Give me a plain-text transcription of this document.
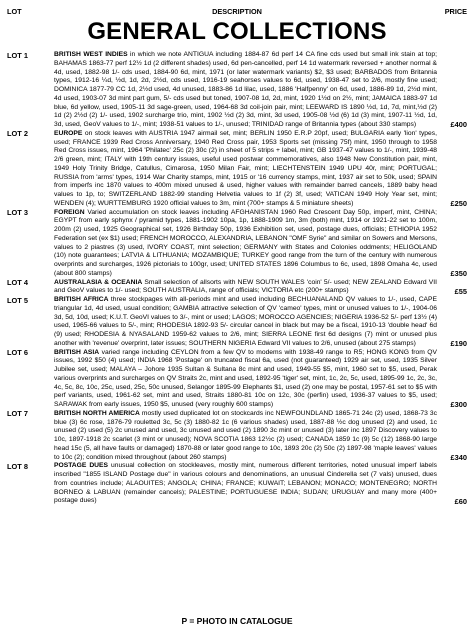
LOT	DESCRIPTION	PRICE
GENERAL COLLECTIONS
LOT 1	BRITISH WEST INDIES in which we note ANTIGUA including 1884-87 6d perf 14 CA fine cds used but small ink stain at top; BAHAMAS 1863-77 perf 12½ 1d (2 different shades) used, 6d pen-cancelled, perf 14 1d watermark reversed + another normal & 4d, used, 1882-98 1/- cds used, 1884-90 6d, mint, 1971 (or later watermark variants) $2, $3 used; BARBADOS from Britannia types, 1912-16 ¼d, ½d, 1d, 2d, 2½d, cds used, 1916-19 seahorses values to 6d, used, 1938-47 set to 2/6, mostly fine used; DOMINICA 1877-79 CC 1d, 2½d used, 4d unused, 1883-86 1d lilac, used, 1886 'Halfpenny' on 6d, used, 1886-89 1d, 2½d mint, 4d used, 1903-07 3d mint part gum, 5/- cds used but toned, 1907-08 1d, 2d, mint, 1920 1½d on 2½, mint; JAMAICA 1883-97 1d blue, 6d yellow, used, 1905-11 3d sage-green, used, 1964-68 3d coil-join pair, mint; LEEWARD IS 1890 ½d, 1d, 7d, mint,½d (2) 1d (2) 2½d (2) 1/- used, 1902 surcharge trio, mint, 1902 ½d (2) 3d, mint, 3d used, 1905-08 ½d (6) 1d (3) mint, 1907-11 ½d, 1d, 3d, used, GeoV values to 1/-, mint; 1938-51 values to 1/-, unused; TRINIDAD range of Britannia types (about 330 stamps)	£400
LOT 2	EUROPE on stock leaves with AUSTRIA 1947 airmail set, mint; BERLIN 1950 E.R.P 20pf, used; BULGARIA early 'lion' types, used; FRANCE 1939 Red Cross Anniversary, 1940 Red Cross pair, 1953 Sports set (missing 75f) mint, 1950 through to 1958 Red Cross issues, mint, 1964 'Philatec' 25c (2) 30c (2) in sheet of 5 strips + label, mint; GB 1937-47 values to 1/-, mint, 1939-48 2/6 green, mint; ITALY with 19th century issues, useful used postwar commemoratives, also 1948 New Constitution pair, mint, 1949 Holy Trinity Bridge, Catullus, Cimarosa, 1950 Milan Fair, mint; LIECHTENSTEIN 1949 UPU 40r, mint; PORTUGAL; RUSSIA from 'arms' types, 1914 War Charity stamps, mint, 1915 or '16 currency stamps, mint, 1937 air set to 50k, used; SPAIN from imperfs inc 1870 values to 400m mixed unused & used, higher values with remainder barred cancels, 1889 baby head values to 1p, to; SWITZERLAND 1882-99 standing Helvetia values to 1f (2) 3f, used; VATICAN 1949 Holy Year set, mint; WENDEN (4); WURTTEMBURG 1920 official values to 3m, mint (700+ stamps & 5 miniature sheets)	£250
LOT 3	FOREIGN Varied accumulation on stock leaves including AFGHANISTAN 1960 Red Crescent Day 50p, imperf, mint, CHINA; EGYPT from early sphynx / pyramid types, 1881-1902 10pa, 1p, 1888-1909 1m, 3m (both) mint, 1914 or 1921-22 set to 100m, 200m (2) used, 1925 Geographical set, 1926 Birthday 50p, 1936 Exhibition set, used, postage dues, officials; ETHIOPIA 1952 Federation set (ex $1) used; FRENCH MOROCCO, ALEXANDRIA, LEBANON "OMF Syrie" and similar on Sowers and Mersons, values to 2 piastres (3) used, IVORY COAST, mint selection; GERMANY with States and Colonies oddments; HELIGOLAND (10) note guarantees; LATVIA & LITHUANIA; MOZAMBIQUE; TURKEY good range from the turn of the century with numerous overprints and surcharges, 1926 pictorials to 100gr, used; UNITED STATES 1896 Columbus to 6c, used, 1898 Omaha 4c, used (about 800 stamps)	£350
LOT 4	AUSTRALASIA & OCEANIA Small selection of allsorts with NEW SOUTH WALES 'coin' 5/- used; NEW ZEALAND Edward VII and GeoV values to 1/- used; SOUTH AUSTRALIA, range of officials; VICTORIA etc (200+ stamps)	£55
LOT 5	BRITISH AFRICA three stockpages with all-periods mint and used including BECHUANALAND QV values to 1/-, used, CAPE triangular 1d, 4d used, usual condition; GAMBIA attractive selection of QV 'cameo' types, mint or unused values to 1/-, 1904-06 3d, 5d, 10d, used; K.U.T. GeoVI values to 3/-, mint or used; LAGOS; MOROCCO AGENCIES; NIGERIA 1936-52 5/- perf 13½ (4) used, 1965-66 values to 5/-, mint; RHODESIA 1892-93 5/- circular cancel in black but may be a fiscal, 1910-13 'double head' 6d (9) used; RHODESIA & NYASALAND 1959-62 values to 2/6, mint; SIERRA LEONE first 6d designs (7) mint or unused plus another with 'revenue' overprint, later issues; SOUTHERN NIGERIA Edward VII values to 2/6, unused (about 275 stamps)	£190
LOT 6	BRITISH ASIA varied range including CEYLON from a few QV to modems with 1938-49 range to R5; HONG KONG from QV issues, 1992 $50 (4) used; INDIA 1968 'Postage' on truncated fiscal 6a, used (not guaranteed) 1929 air set, used, 1935 Silver Jubilee set, used; MALAYA – Johore 1935 Sultan & Sultana 8c mint and used, 1949-55 $5, mint, 1960 set to $5, used, Perak various overprints and surcharges on QV Straits 2c, mint and used, 1892-95 'tiger' set, mint, 1c, 2c, 5c, used, 1895-99 1c, 2c, 3c, 4c, 5c, 8c, 10c, 25c, used, 25c, 50c unused, Selangor 1895-99 Elephants $1, used (2) one may be postal, 1957-61 set to $5 with perf variants, used, 1961-62 set, mint and used, Straits 1880-81 10c on 12c, 30c (perfin) used, 1936-37 values to $5, used; SARAWAK from early issues, 1950 $5, unused (very roughly 600 stamps)	£300
LOT 7	BRITISH NORTH AMERICA mostly used duplicated lot on stockcards inc NEWFOUNDLAND 1865-71 24c (2) used, 1868-73 3c blue (3) 6c rose, 1876-79 rouletted 3c, 5c (3) 1880-82 1c (6 various shades) used, 1887-88 ½c dog unused (2) and used, 1c unused (2) used (5) 2c unused and used, 3c unused and used (2) 1890 3c mint or unused (3) later inc 1897 Discovery values to 10c, 1897-1918 2c scarlet (3 mint or unused); NOVA SCOTIA 1863 12½c (2) used; CANADA 1859 1c (9) 5c (12) 1868-90 large head 15c (5, all have faults or damaged) 1870-88 or later good range to 10c, 1893 20c (2) 50c (2) 1897-98 'maple leaves' values to 10c (2); condition mixed throughout (about 260 stamps)	£340
LOT 8	POSTAGE DUES unusual collection on stockleaves, mostly mint, numerous different territories, noted unusual imperf labels inscribed "1855 ISLAND Postage due" in various colours and denominations, an unusual Cinderella set (7 vals) unused, dues from countries include; ALAOUITES; ANGOLA; CHINA; FRANCE; KUWAIT; LEBANON; MONACO; MONTENEGRO; NORTH BORNEO & LABUAN (remainder cancels); PALESTINE; PORTUGUESE INDIA; SUDAN; URUGUAY and many more (400+ postage dues)	£60
P = PHOTO IN CATALOGUE
